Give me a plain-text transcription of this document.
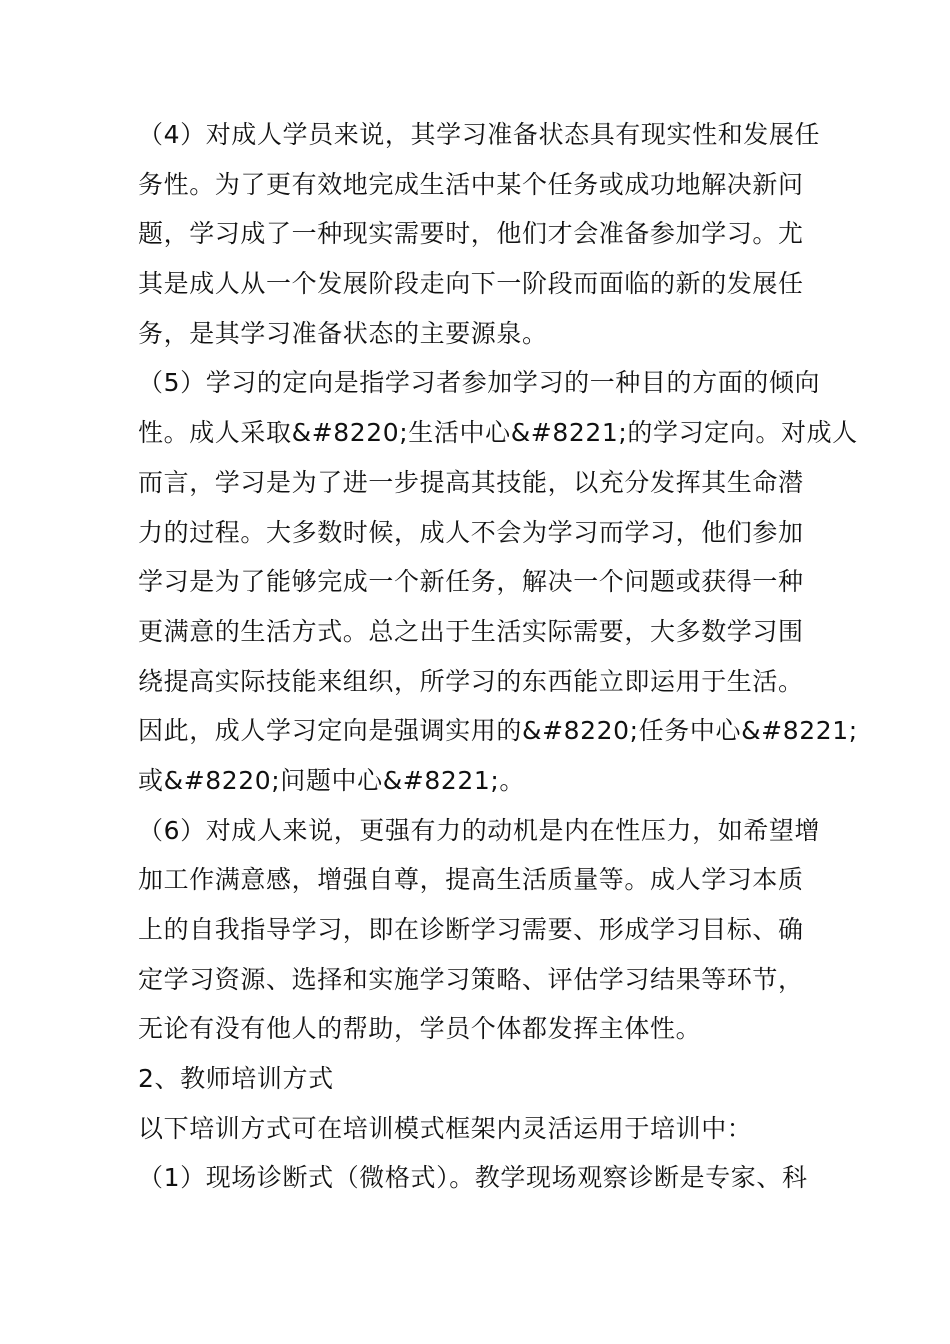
（4）对成人学员来说，其学习准备状态具有现实性和发展任
务性。为了更有效地完成生活中某个任务或成功地解决新问
题，学习成了一种现实需要时，他们才会准备参加学习。尤
其是成人从一个发展阶段走向下一阶段而面临的新的发展任
务，是其学习准备状态的主要源泉。
（5）学习的定向是指学习者参加学习的一种目的方面的倾向
性。成人采取&#8220;生活中心&#8221;的学习定向。对成人
而言，学习是为了进一步提高其技能，以充分发挥其生命潜
力的过程。大多数时候，成人不会为学习而学习，他们参加
学习是为了能够完成一个新任务，解决一个问题或获得一种
更满意的生活方式。总之出于生活实际需要，大多数学习围
绕提高实际技能来组织，所学习的东西能立即运用于生活。
因此，成人学习定向是强调实用的&#8220;任务中心&#8221;
或&#8220;问题中心&#8221;。
（6）对成人来说，更强有力的动机是内在性压力，如希望增
加工作满意感，增强自尊，提高生活质量等。成人学习本质
上的自我指导学习，即在诊断学习需要、形成学习目标、确
定学习资源、选择和实施学习策略、评估学习结果等环节，
无论有没有他人的帮助，学员个体都发挥主体性。
2、教师培训方式
以下培训方式可在培训模式框架内灵活运用于培训中：
（1）现场诊断式（微格式）。教学现场观察诊断是专家、科
